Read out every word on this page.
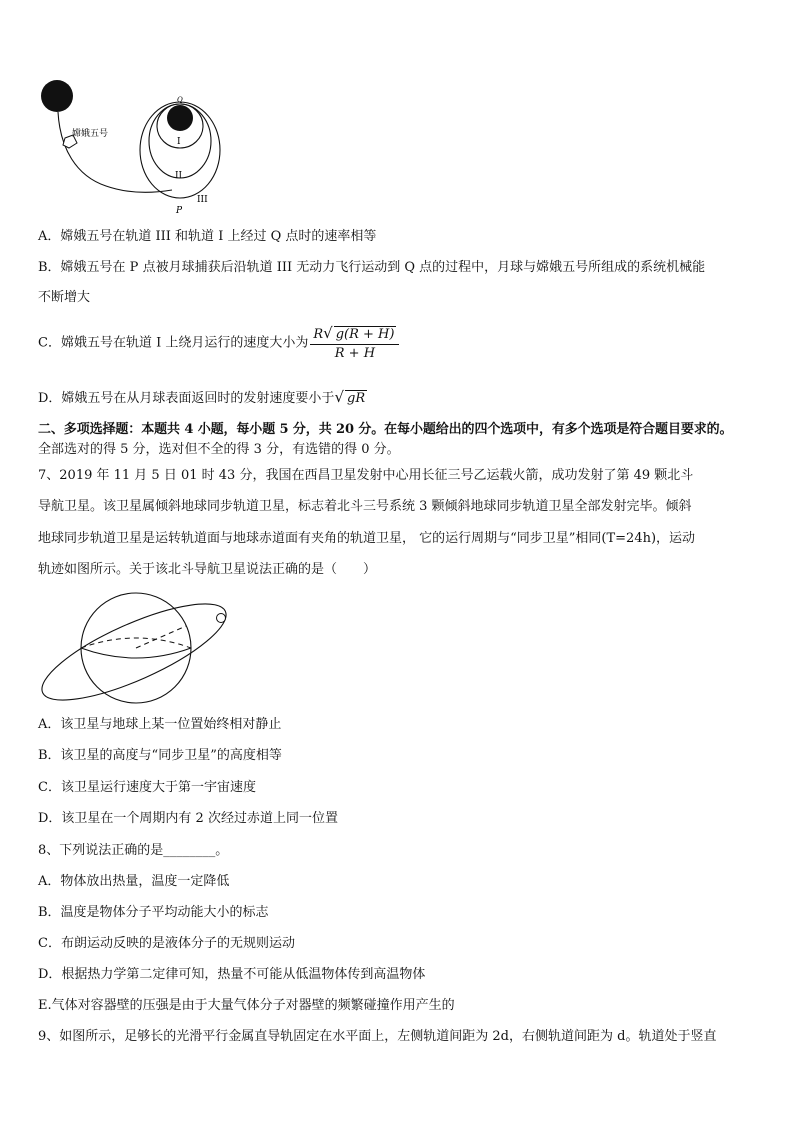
嫦娥五号
Q
I
II
III
P
A．嫦娥五号在轨道 III 和轨道 I 上经过 Q 点时的速率相等
B．嫦娥五号在 P 点被月球捕获后沿轨道 III 无动力飞行运动到 Q 点的过程中，月球与嫦娥五号所组成的系统机械能
不断增大
C．嫦娥五号在轨道 I 上绕月运行的速度大小为 $\frac{R√ g(R + H)}{R + H}$
D．嫦娥五号在从月球表面返回时的发射速度要小于√ gR
二、多项选择题：本题共 4 小题，每小题 5 分，共 20 分。在每小题给出的四个选项中，有多个选项是符合题目要求的。
全部选对的得 5 分，选对但不全的得 3 分，有选错的得 0 分。
7、2019 年 11 月 5 日 01 时 43 分，我国在西昌卫星发射中心用长征三号乙运载火箭，成功发射了第 49 颗北斗
导航卫星。该卫星属倾斜地球同步轨道卫星，标志着北斗三号系统 3 颗倾斜地球同步轨道卫星全部发射完毕。倾斜
地球同步轨道卫星是运转轨道面与地球赤道面有夹角的轨道卫星， 它的运行周期与“同步卫星”相同(T=24h)，运动
轨迹如图所示。关于该北斗导航卫星说法正确的是（　　）
A．该卫星与地球上某一位置始终相对静止
B．该卫星的高度与“同步卫星”的高度相等
C．该卫星运行速度大于第一宇宙速度
D．该卫星在一个周期内有 2 次经过赤道上同一位置
8、下列说法正确的是________。
A．物体放出热量，温度一定降低
B．温度是物体分子平均动能大小的标志
C．布朗运动反映的是液体分子的无规则运动
D．根据热力学第二定律可知，热量不可能从低温物体传到高温物体
E.气体对容器壁的压强是由于大量气体分子对器壁的频繁碰撞作用产生的
9、如图所示，足够长的光滑平行金属直导轨固定在水平面上，左侧轨道间距为 2d，右侧轨道间距为 d。轨道处于竖直
